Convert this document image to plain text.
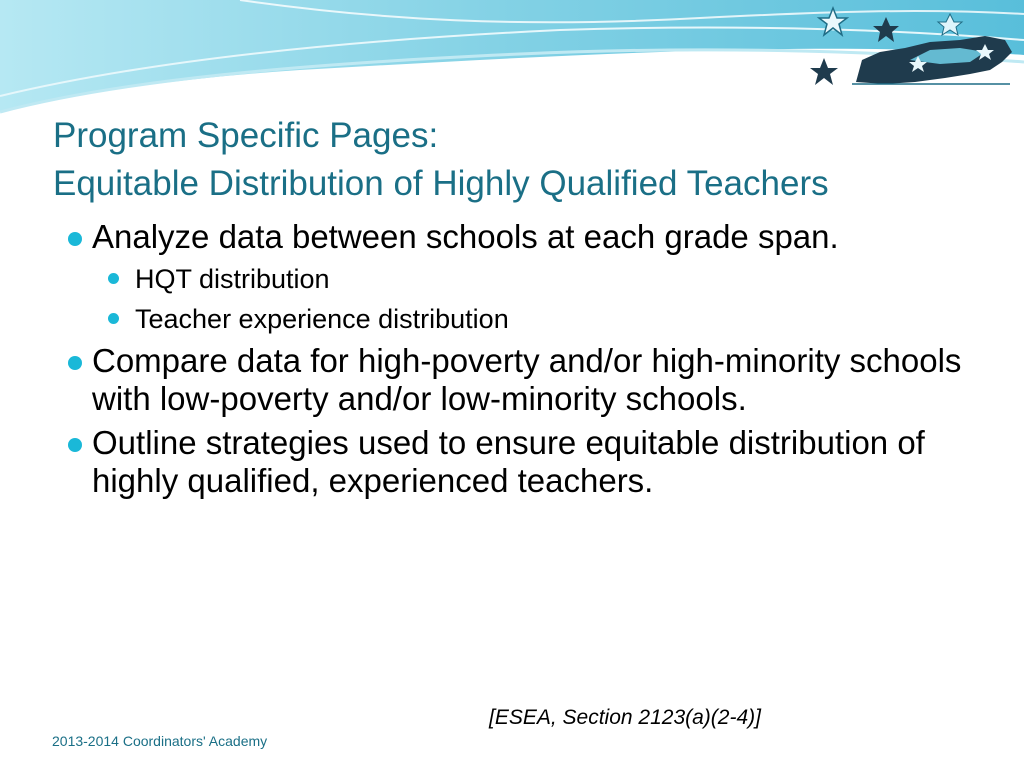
Program Specific Pages:
Equitable Distribution of Highly Qualified Teachers

Analyze data between schools at each grade span.

HQT distribution

Teacher experience distribution

Compare data for high-poverty and/or high-minority schools with low-poverty and/or low-minority schools.

Outline strategies used to ensure equitable distribution of highly qualified, experienced teachers.

[ESEA, Section 2123(a)(2-4)]
2013-2014 Coordinators' Academy
